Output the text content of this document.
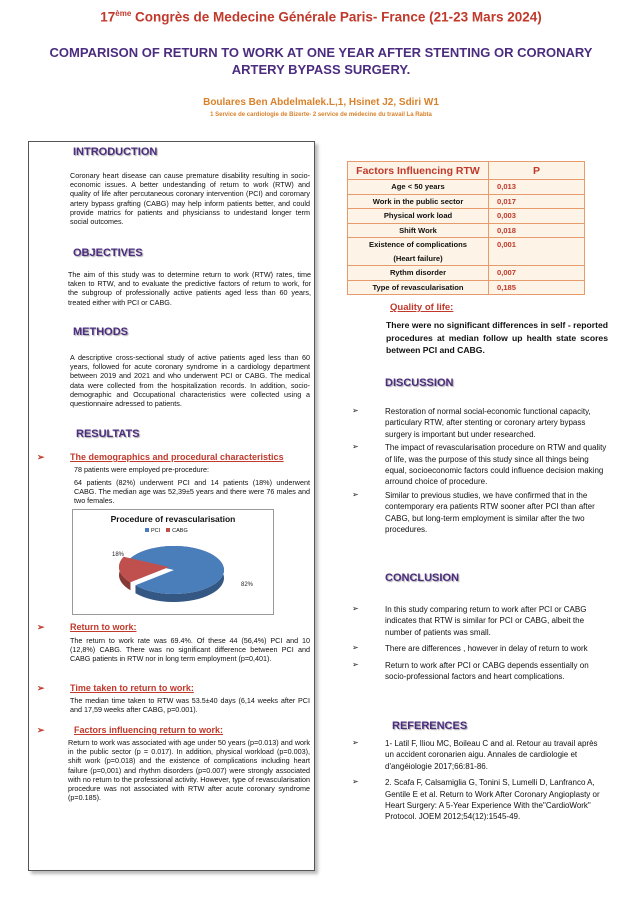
17ème Congrès de Medecine Générale Paris- France (21-23 Mars 2024)
COMPARISON OF RETURN TO WORK AT ONE YEAR AFTER STENTING OR CORONARY ARTERY BYPASS SURGERY.
Boulares Ben Abdelmalek.L,1, Hsinet J2, Sdiri W1
1 Service de cardiologie de Bizerte- 2 service de médecine du travail La Rabta
INTRODUCTION
Coronary heart disease can cause premature disability resulting in socio-economic issues. A better undestanding of return to work (RTW) and quality of life after percutaneous coronary intervention (PCI) and corornary artery bypass grafting (CABG) may help inform patients better, and could provide matrics for patients and physicianss to undestand longer term social outcomes.
OBJECTIVES
The aim of this study was to determine return to work (RTW) rates, time taken to RTW, and to evaluate the predictive factors of return to work, for the subgroup of professionally active patients aged less than 60 years, treated either with PCI or CABG.
METHODS
A descriptive cross-sectional study of active patients aged less than 60 years, followed for acute coronary syndrome in a cardiology department between 2019 and 2021 and who underwent PCI or CABG. The medical data were collected from the hospitalization records. In addition, socio-demographic and Occupational characteristics were collected using a questionnaire adressed to patients.
RESULTATS
➢	The demographics and procedural characteristics
78 patients were employed pre-procedure:
64 patients (82%) underwent PCI and 14 patients (18%) underwent CABG. The median age was 52,39±5 years and there were 76 males and two females.
Procedure of revascularisation
PCI	CABG
82%
18%
➢	Return to work:
The return to work rate was 69.4%. Of these 44 (56,4%) PCI and 10 (12,8%) CABG. There was no significant difference between PCI and CABG patients in RTW nor in long term employment (p=0,401).
➢	Time taken to return to work:
The median time taken to RTW was 53.5±40 days (6,14 weeks after PCI and 17,59 weeks after CABG, p=0.001).
➢	Factors influencing return to work:
Return to work was associated with age under 50 years (p=0.013) and work in the public sector (p = 0.017). In addition, physical workload (p=0.003), shift work (p=0.018) and the existence of complications including heart failure (p=0,001) and rhythm disorders (p=0.007) were strongly associated with no return to the professional activity. However, type of revascularisation procedure was not associated with RTW after acute coronary syndrome (p=0.185).
Factors Influencing RTW	P
Age < 50 years	0,013
Work in the public sector	0,017
Physical work load	0,003
Shift Work	0,018
Existence of complications	0,001
(Heart failure)	
Rythm disorder	0,007
Type of revascularisation	0,185
Quality of life:
There were no significant differences in self - reported procedures at median follow up health state scores between PCI and CABG.
DISCUSSION
➢	Restoration of normal social-economic functional capacity, particulary RTW, after stenting or coronary artery bypass surgery is important but under researched.
➢	The impact of revascularisation procedure on RTW and quality of life, was the purpose of this study since all things being equal, socioeconomic factors could influence decision making arround choice of procedure.
➢	Similar to previous studies, we have confirmed that in the contemporary era patients RTW sooner after PCI than after CABG, but long-term employment is similar after the two procedures.
CONCLUSION
➢	In this study comparing return to work after PCI or CABG indicates that RTW is similar for PCI or CABG, albeit the number of patients was small.
➢	There are differences , however in delay of return to work
➢	Return to work after PCI or CABG depends essentially on socio-professional factors and heart complications.
REFERENCES
➢	1- Latil F, Iliou MC, Boileau C and al. Retour au travail après un accident coronarien aigu. Annales de cardiologie et d'angéiologie 2017;66:81-86.
➢	2. Scafa F, Calsamiglia G, Tonini S, Lumelli D, Lanfranco A, Gentile E et al. Return to Work After Coronary Angioplasty or Heart Surgery: A 5-Year Experience With the"CardioWork" Protocol. JOEM 2012;54(12):1545-49.
